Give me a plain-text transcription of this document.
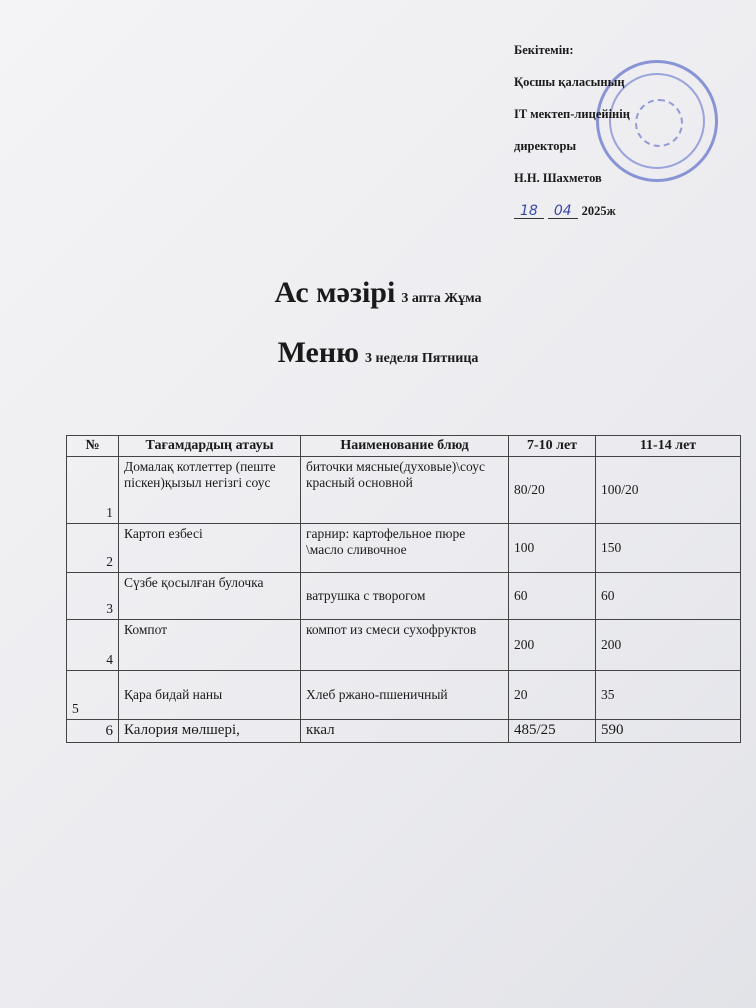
Бекітемін:
Қосшы қаласының
IT мектеп-лицейінің
директоры
Н.Н. Шахметов
18	04 2025ж
Ас мәзірі 3 апта Жұма
Меню 3 неделя Пятница
№	Тағамдардың атауы	Наименование блюд	7-10 лет	11-14 лет
1	Домалақ котлеттер (пеште піскен)қызыл негізгі соус	биточки мясные(духовые)\соус красный основной	80/20	100/20
2	Картоп езбесі	гарнир: картофельное пюре \масло сливочное	100	150
3	Сүзбе қосылған булочка	ватрушка с творогом	60	60
4	Компот	компот из смеси сухофруктов	200	200
5	Қара бидай наны	Хлеб ржано-пшеничный	20	35
6	Калория мөлшері,	ккал	485/25	590
